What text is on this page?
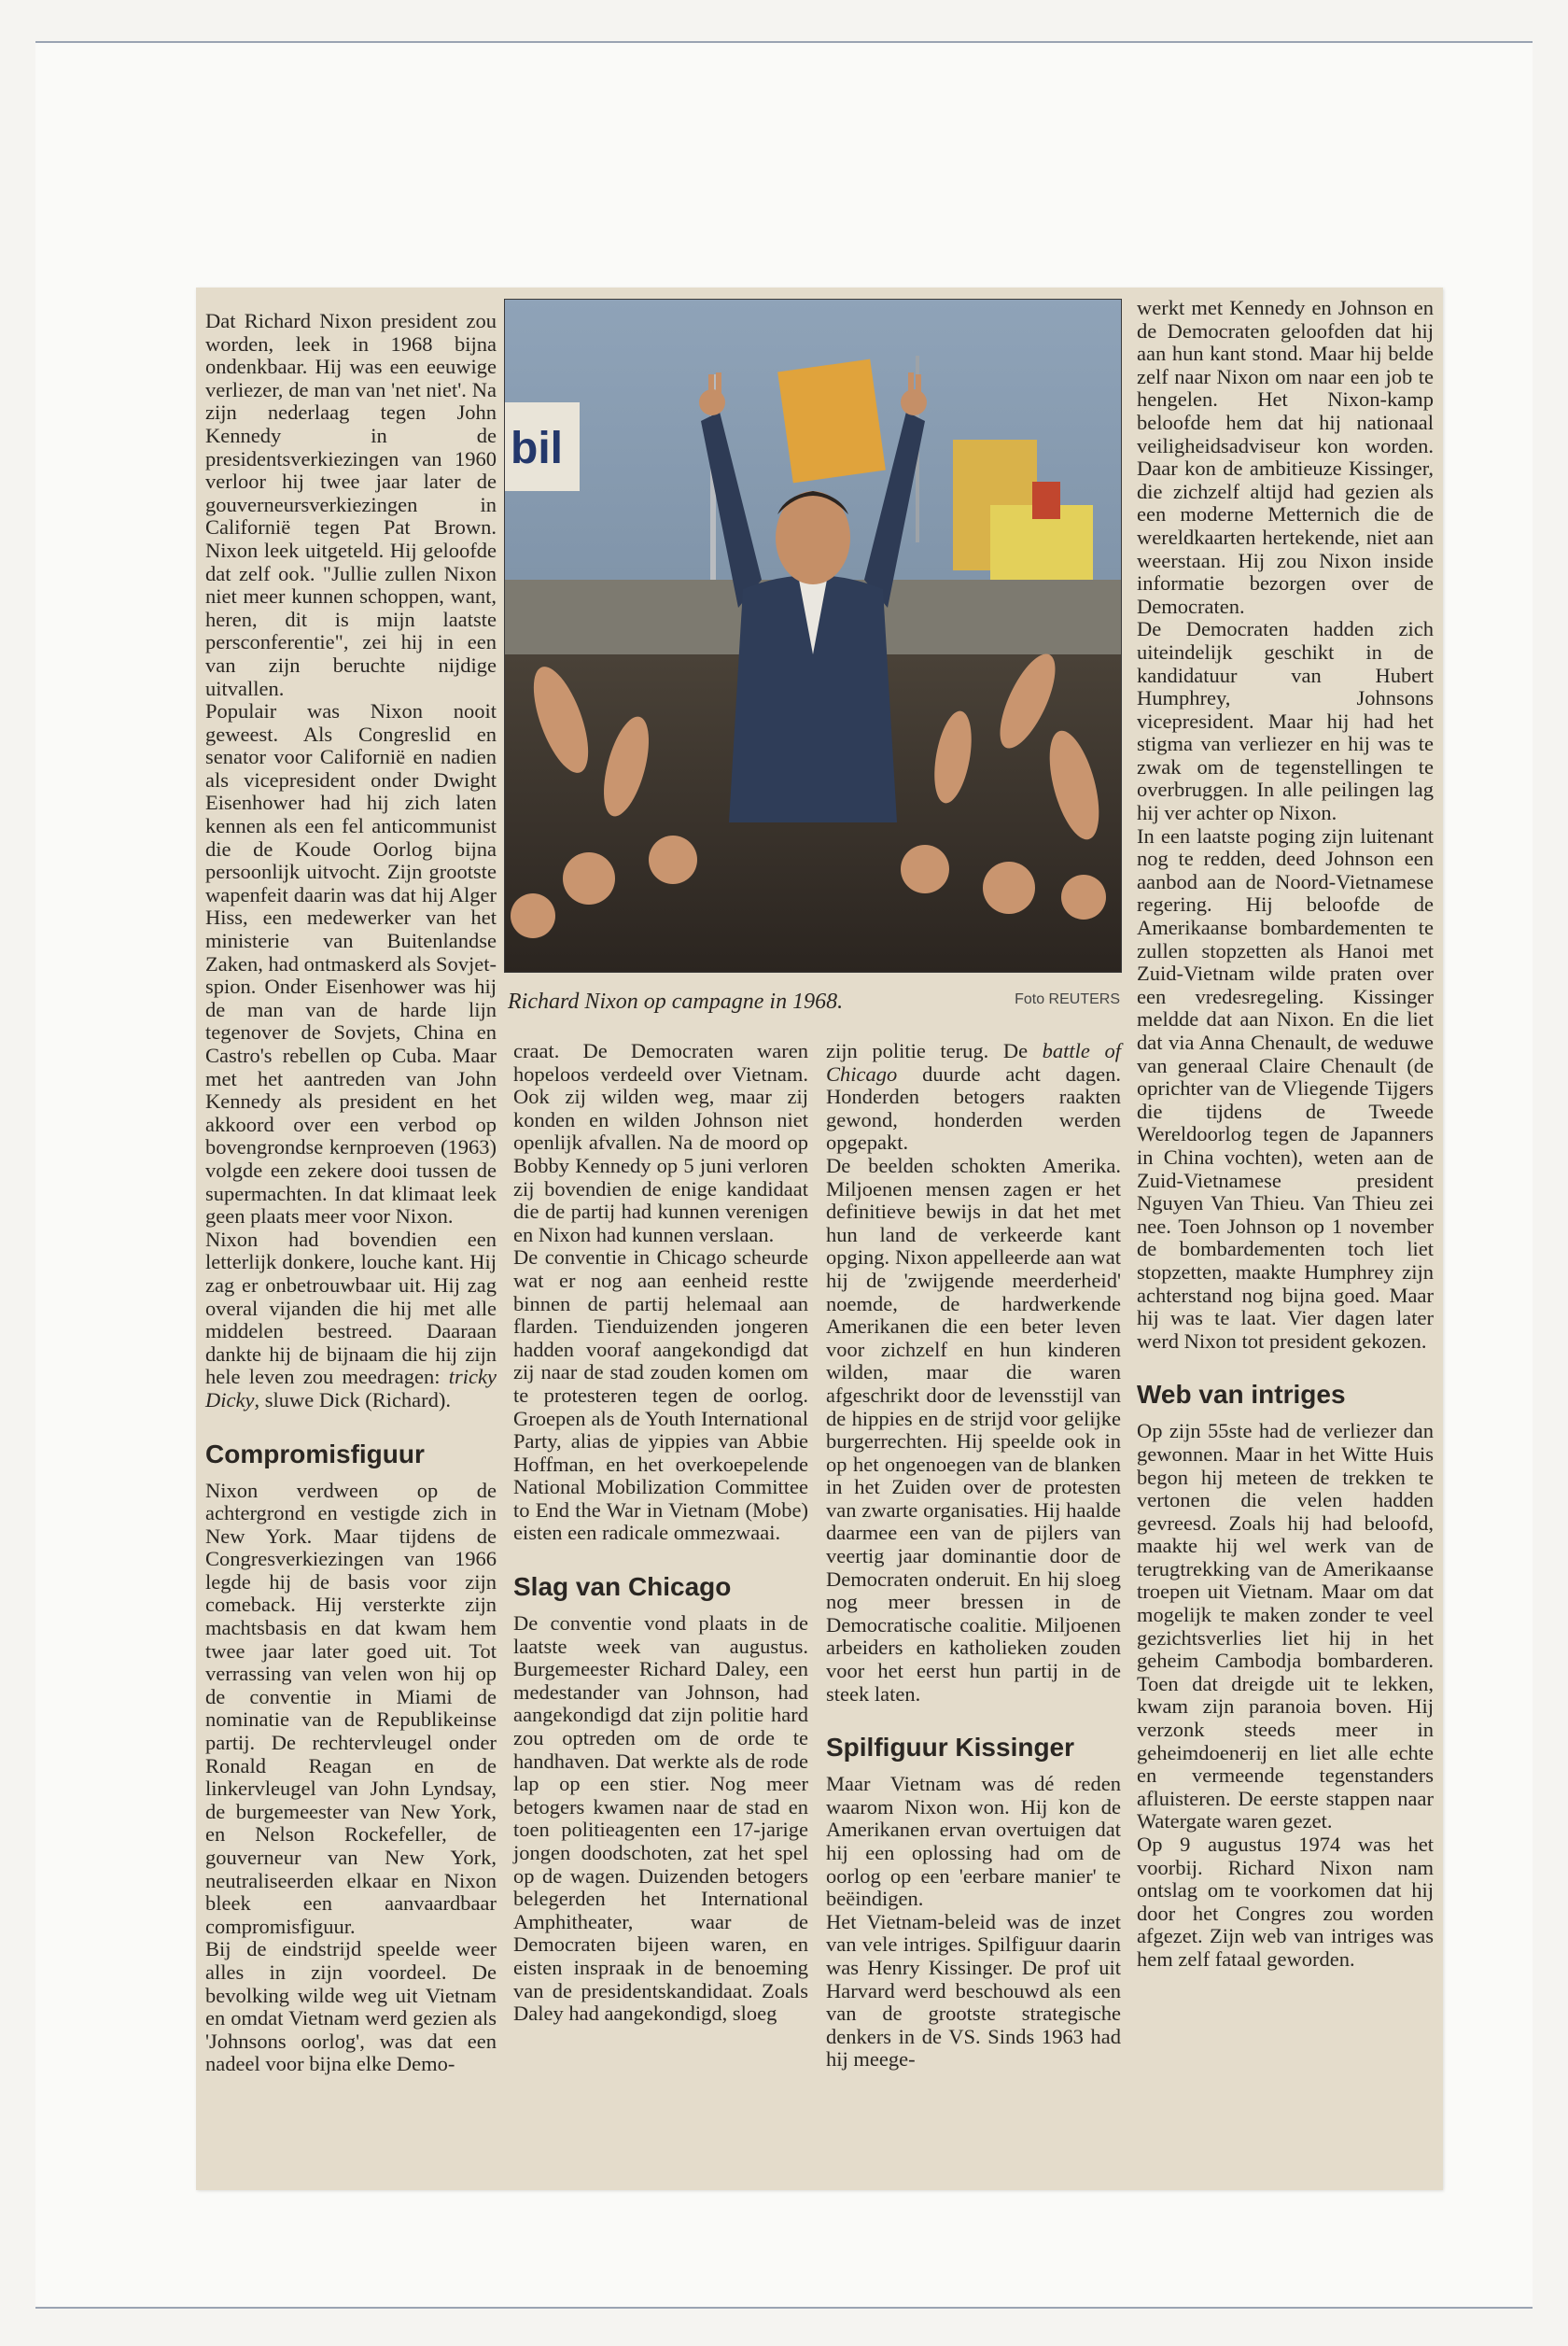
Dat Richard Nixon president zou worden, leek in 1968 bijna ondenkbaar. Hij was een eeuwige verliezer, de man van 'net niet'. Na zijn nederlaag tegen John Kennedy in de presidentsverkiezingen van 1960 verloor hij twee jaar later de gouverneursverkiezingen in Californië tegen Pat Brown. Nixon leek uitgeteld. Hij geloofde dat zelf ook. "Jullie zullen Nixon niet meer kunnen schoppen, want, heren, dit is mijn laatste persconferentie", zei hij in een van zijn beruchte nijdige uitvallen.

Populair was Nixon nooit geweest. Als Congreslid en senator voor Californië en nadien als vicepresident onder Dwight Eisenhower had hij zich laten kennen als een fel anticommunist die de Koude Oorlog bijna persoonlijk uitvocht. Zijn grootste wapenfeit daarin was dat hij Alger Hiss, een medewerker van het ministerie van Buitenlandse Zaken, had ontmaskerd als Sovjet-spion. Onder Eisenhower was hij de man van de harde lijn tegenover de Sovjets, China en Castro's rebellen op Cuba. Maar met het aantreden van John Kennedy als president en het akkoord over een verbod op bovengrondse kernproeven (1963) volgde een zekere dooi tussen de supermachten. In dat klimaat leek geen plaats meer voor Nixon.

Nixon had bovendien een letterlijk donkere, louche kant. Hij zag er onbetrouwbaar uit. Hij zag overal vijanden die hij met alle middelen bestreed. Daaraan dankte hij de bijnaam die hij zijn hele leven zou meedragen: tricky Dicky, sluwe Dick (Richard).

Compromisfiguur

Nixon verdween op de achtergrond en vestigde zich in New York. Maar tijdens de Congresverkiezingen van 1966 legde hij de basis voor zijn comeback. Hij versterkte zijn machtsbasis en dat kwam hem twee jaar later goed uit. Tot verrassing van velen won hij op de conventie in Miami de nominatie van de Republikeinse partij. De rechtervleugel onder Ronald Reagan en de linkervleugel van John Lyndsay, de burgemeester van New York, en Nelson Rockefeller, de gouverneur van New York, neutraliseerden elkaar en Nixon bleek een aanvaardbaar compromisfiguur.

Bij de eindstrijd speelde weer alles in zijn voordeel. De bevolking wilde weg uit Vietnam en omdat Vietnam werd gezien als 'Johnsons oorlog', was dat een nadeel voor bijna elke Demo-

bil
Richard Nixon op campagne in 1968.	Foto REUTERS

craat. De Democraten waren hopeloos verdeeld over Vietnam. Ook zij wilden weg, maar zij konden en wilden Johnson niet openlijk afvallen. Na de moord op Bobby Kennedy op 5 juni verloren zij bovendien de enige kandidaat die de partij had kunnen verenigen en Nixon had kunnen verslaan.

De conventie in Chicago scheurde wat er nog aan eenheid restte binnen de partij helemaal aan flarden. Tienduizenden jongeren hadden vooraf aangekondigd dat zij naar de stad zouden komen om te protesteren tegen de oorlog. Groepen als de Youth International Party, alias de yippies van Abbie Hoffman, en het overkoepelende National Mobilization Committee to End the War in Vietnam (Mobe) eisten een radicale ommezwaai.

Slag van Chicago

De conventie vond plaats in de laatste week van augustus. Burgemeester Richard Daley, een medestander van Johnson, had aangekondigd dat zijn politie hard zou optreden om de orde te handhaven. Dat werkte als de rode lap op een stier. Nog meer betogers kwamen naar de stad en toen politieagenten een 17-jarige jongen doodschoten, zat het spel op de wagen. Duizenden betogers belegerden het International Amphitheater, waar de Democraten bijeen waren, en eisten inspraak in de benoeming van de presidentskandidaat. Zoals Daley had aangekondigd, sloeg

zijn politie terug. De battle of Chicago duurde acht dagen. Honderden betogers raakten gewond, honderden werden opgepakt.

De beelden schokten Amerika. Miljoenen mensen zagen er het definitieve bewijs in dat het met hun land de verkeerde kant opging. Nixon appelleerde aan wat hij de 'zwijgende meerderheid' noemde, de hardwerkende Amerikanen die een beter leven voor zichzelf en hun kinderen wilden, maar die waren afgeschrikt door de levensstijl van de hippies en de strijd voor gelijke burgerrechten. Hij speelde ook in op het ongenoegen van de blanken in het Zuiden over de protesten van zwarte organisaties. Hij haalde daarmee een van de pijlers van veertig jaar dominantie door de Democraten onderuit. En hij sloeg nog meer bressen in de Democratische coalitie. Miljoenen arbeiders en katholieken zouden voor het eerst hun partij in de steek laten.

Spilfiguur Kissinger

Maar Vietnam was dé reden waarom Nixon won. Hij kon de Amerikanen ervan overtuigen dat hij een oplossing had om de oorlog op een 'eerbare manier' te beëindigen.

Het Vietnam-beleid was de inzet van vele intriges. Spilfiguur daarin was Henry Kissinger. De prof uit Harvard werd beschouwd als een van de grootste strategische denkers in de VS. Sinds 1963 had hij meege-

werkt met Kennedy en Johnson en de Democraten geloofden dat hij aan hun kant stond. Maar hij belde zelf naar Nixon om naar een job te hengelen. Het Nixon-kamp beloofde hem dat hij nationaal veiligheidsadviseur kon worden. Daar kon de ambitieuze Kissinger, die zichzelf altijd had gezien als een moderne Metternich die de wereldkaarten hertekende, niet aan weerstaan. Hij zou Nixon inside informatie bezorgen over de Democraten.

De Democraten hadden zich uiteindelijk geschikt in de kandidatuur van Hubert Humphrey, Johnsons vicepresident. Maar hij had het stigma van verliezer en hij was te zwak om de tegenstellingen te overbruggen. In alle peilingen lag hij ver achter op Nixon.

In een laatste poging zijn luitenant nog te redden, deed Johnson een aanbod aan de Noord-Vietnamese regering. Hij beloofde de Amerikaanse bombardementen te zullen stopzetten als Hanoi met Zuid-Vietnam wilde praten over een vredesregeling. Kissinger meldde dat aan Nixon. En die liet dat via Anna Chenault, de weduwe van generaal Claire Chenault (de oprichter van de Vliegende Tijgers die tijdens de Tweede Wereldoorlog tegen de Japanners in China vochten), weten aan de Zuid-Vietnamese president Nguyen Van Thieu. Van Thieu zei nee. Toen Johnson op 1 november de bombardementen toch liet stopzetten, maakte Humphrey zijn achterstand nog bijna goed. Maar hij was te laat. Vier dagen later werd Nixon tot president gekozen.

Web van intriges

Op zijn 55ste had de verliezer dan gewonnen. Maar in het Witte Huis begon hij meteen de trekken te vertonen die velen hadden gevreesd. Zoals hij had beloofd, maakte hij wel werk van de terugtrekking van de Amerikaanse troepen uit Vietnam. Maar om dat mogelijk te maken zonder te veel gezichtsverlies liet hij in het geheim Cambodja bombarderen. Toen dat dreigde uit te lekken, kwam zijn paranoia boven. Hij verzonk steeds meer in geheimdoenerij en liet alle echte en vermeende tegenstanders afluisteren. De eerste stappen naar Watergate waren gezet.

Op 9 augustus 1974 was het voorbij. Richard Nixon nam ontslag om te voorkomen dat hij door het Congres zou worden afgezet. Zijn web van intriges was hem zelf fataal geworden.
